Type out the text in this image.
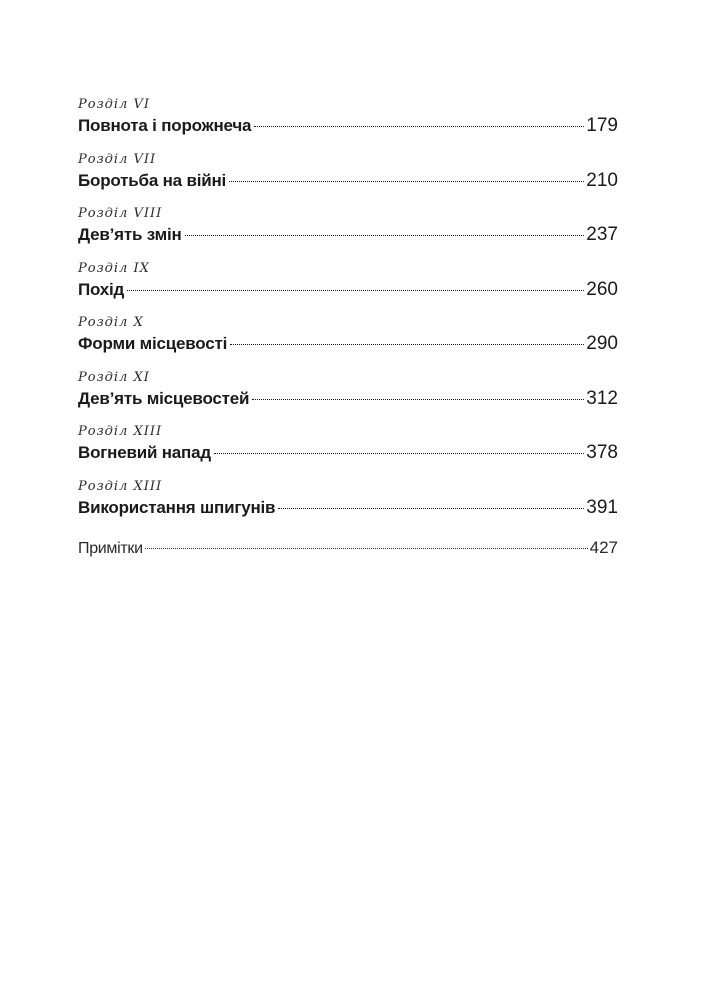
Розділ VI
Повнота і порожнеча	179
Розділ VII
Боротьба на війні	210
Розділ VIII
Дев’ять змін	237
Розділ IX
Похід	260
Розділ X
Форми місцевості	290
Розділ XI
Дев’ять місцевостей	312
Розділ XIII
Вогневий напад	378
Розділ XIII
Використання шпигунів	391
Примітки	427
